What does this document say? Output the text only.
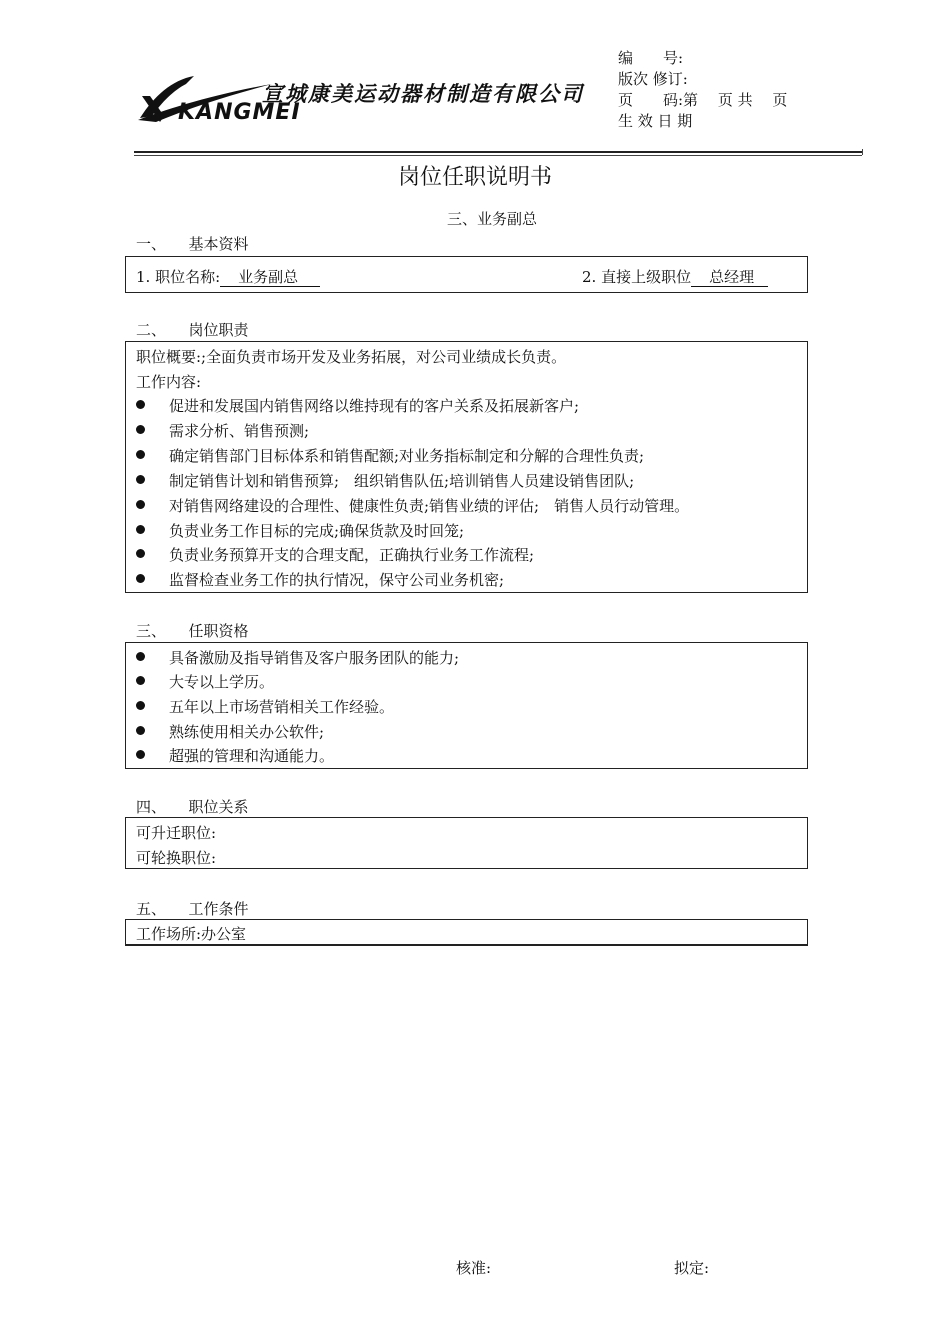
KANGMEI
宣城康美运动器材制造有限公司
编　　号:
版次 修订:
页　　码:第　 页 共　 页
生 效 日 期
岗位任职说明书
三、业务副总
一、　　基本资料
1. 职位名称: 业务副总	2. 直接上级职位 总经理
二、　　岗位职责
职位概要:;全面负责市场开发及业务拓展，对公司业绩成长负责。
工作内容:
促进和发展国内销售网络以维持现有的客户关系及拓展新客户;
需求分析、销售预测;
确定销售部门目标体系和销售配额;对业务指标制定和分解的合理性负责;
制定销售计划和销售预算;　组织销售队伍;培训销售人员建设销售团队;
对销售网络建设的合理性、健康性负责;销售业绩的评估;　销售人员行动管理。
负责业务工作目标的完成;确保货款及时回笼;
负责业务预算开支的合理支配，正确执行业务工作流程;
监督检查业务工作的执行情况，保守公司业务机密;
三、　　任职资格
具备激励及指导销售及客户服务团队的能力;
大专以上学历。
五年以上市场营销相关工作经验。
熟练使用相关办公软件;
超强的管理和沟通能力。
四、　　职位关系
可升迁职位:
可轮换职位:
五、　　工作条件
工作场所:办公室
核准:	拟定:
